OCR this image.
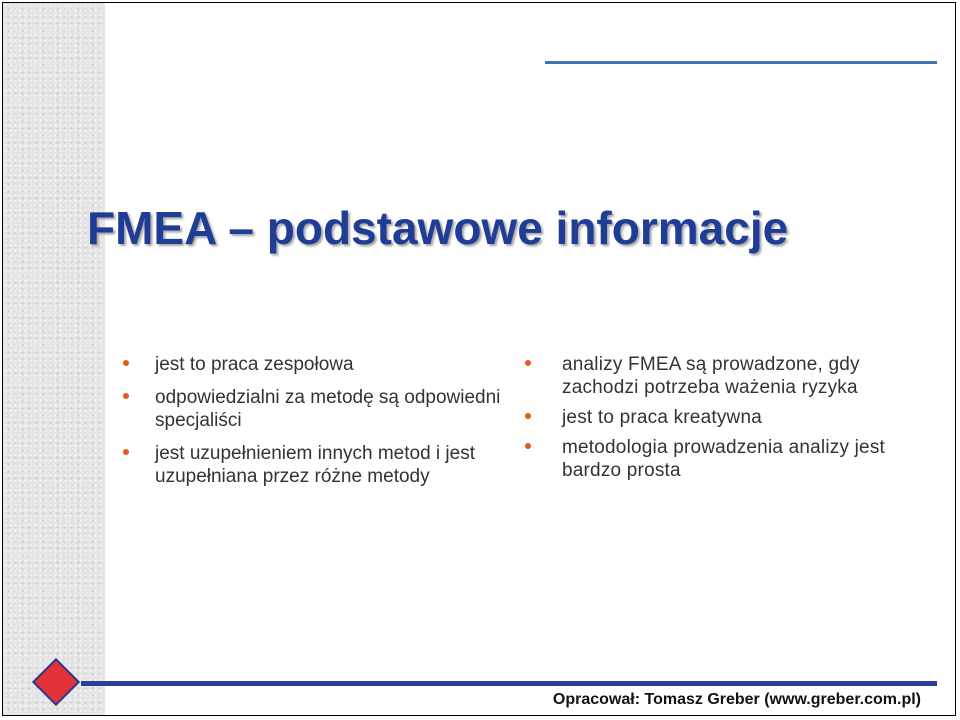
FMEA – podstawowe informacje
jest to praca zespołowa
odpowiedzialni za metodę są odpowiedni specjaliści
jest uzupełnieniem innych metod i jest uzupełniana przez różne metody
analizy FMEA są prowadzone, gdy zachodzi potrzeba ważenia ryzyka
jest to praca kreatywna
metodologia prowadzenia analizy jest bardzo prosta
Opracował: Tomasz Greber (www.greber.com.pl)
